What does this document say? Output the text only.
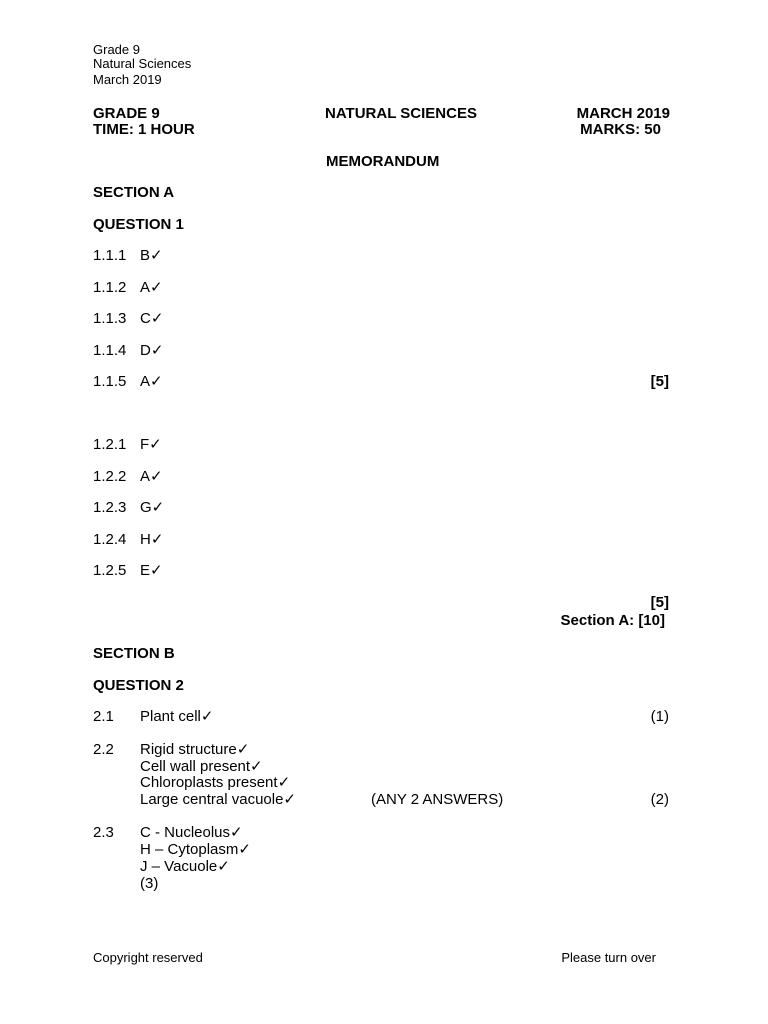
Grade 9
Natural Sciences
March 2019
GRADE 9	NATURAL SCIENCES	MARCH 2019
TIME: 1 HOUR	MARKS: 50
MEMORANDUM
SECTION A
QUESTION 1
1.1.1 B✓
1.1.2 A✓
1.1.3 C✓
1.1.4 D✓
1.1.5 A✓	[5]
1.2.1 F✓
1.2.2 A✓
1.2.3 G✓
1.2.4 H✓
1.2.5 E✓
[5]
Section A: [10]
SECTION B
QUESTION 2
2.1 Plant cell✓	(1)
2.2 Rigid structure✓
Cell wall present✓
Chloroplasts present✓
Large central vacuole✓	(ANY 2 ANSWERS)	(2)
2.3 C - Nucleolus✓
H – Cytoplasm✓
J – Vacuole✓
(3)
Copyright reserved	Please turn over
